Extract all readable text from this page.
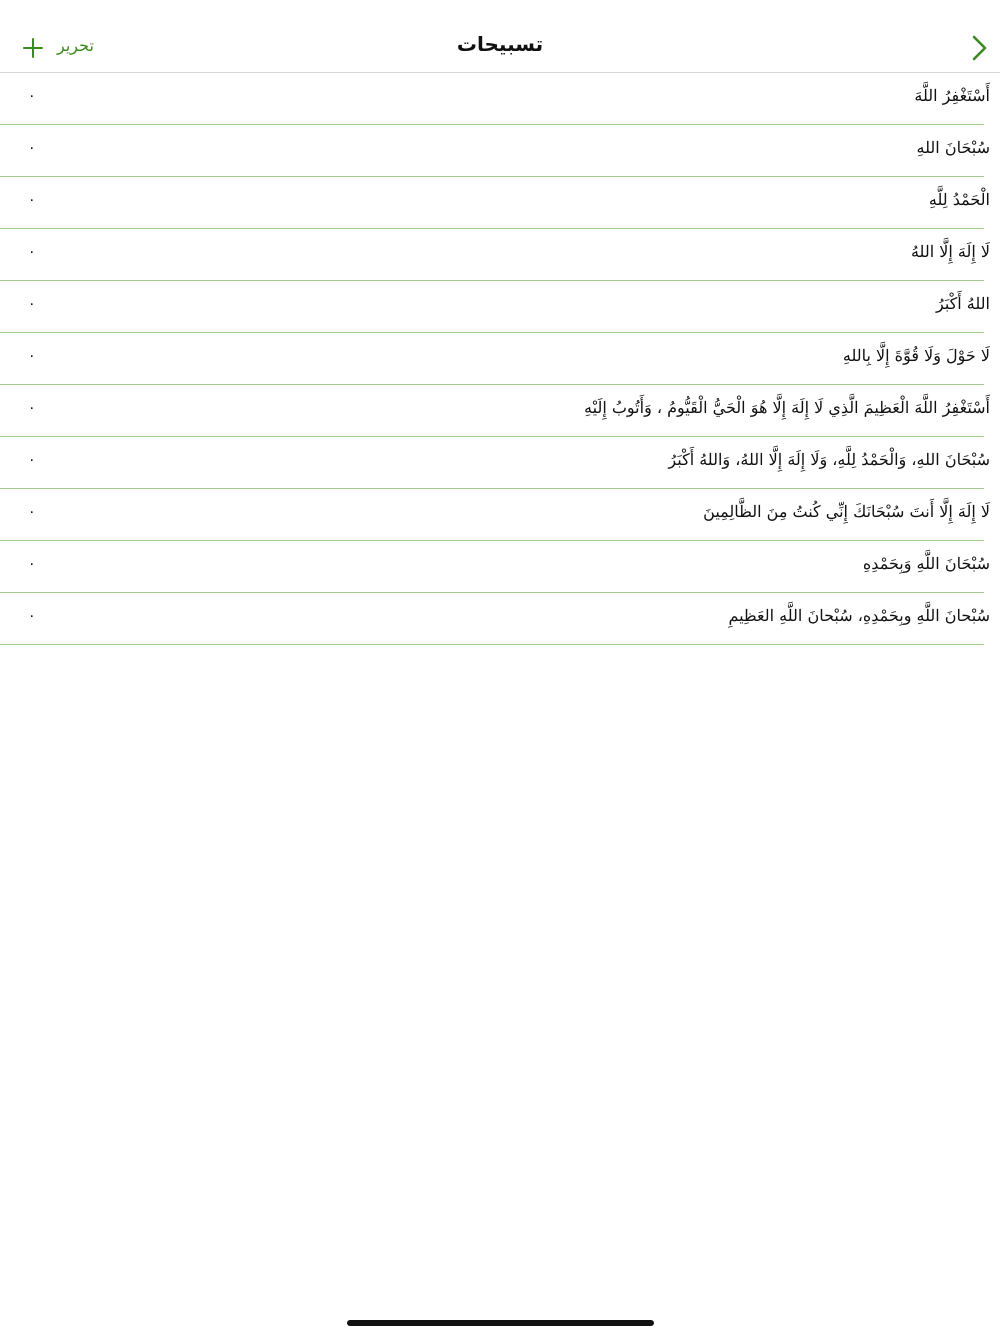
تسبيحات
تحرير
أَسْتَغْفِرُ اللَّهَ
٠
سُبْحَانَ اللهِ
٠
الْحَمْدُ لِلَّهِ
٠
لَا إِلَهَ إِلَّا اللهُ
٠
اللهُ أَكْبَرُ
٠
لَا حَوْلَ وَلَا قُوَّةَ إِلَّا بِاللهِ
٠
أَسْتَغْفِرُ اللَّهَ الْعَظِيمَ الَّذِي لَا إِلَهَ إِلَّا هُوَ الْحَيُّ الْقَيُّومُ ، وَأَتُوبُ إِلَيْهِ
٠
سُبْحَانَ اللهِ، وَالْحَمْدُ لِلَّهِ، وَلَا إِلَهَ إِلَّا اللهُ، وَاللهُ أَكْبَرُ
٠
لَا إِلَهَ إِلَّا أَنتَ سُبْحَانَكَ إِنِّي كُنتُ مِنَ الظَّالِمِينَ
٠
سُبْحَانَ اللَّهِ وَبِحَمْدِهِ
٠
سُبْحانَ اللَّهِ وبِحَمْدِهِ، سُبْحانَ اللَّهِ العَظِيمِ
٠
